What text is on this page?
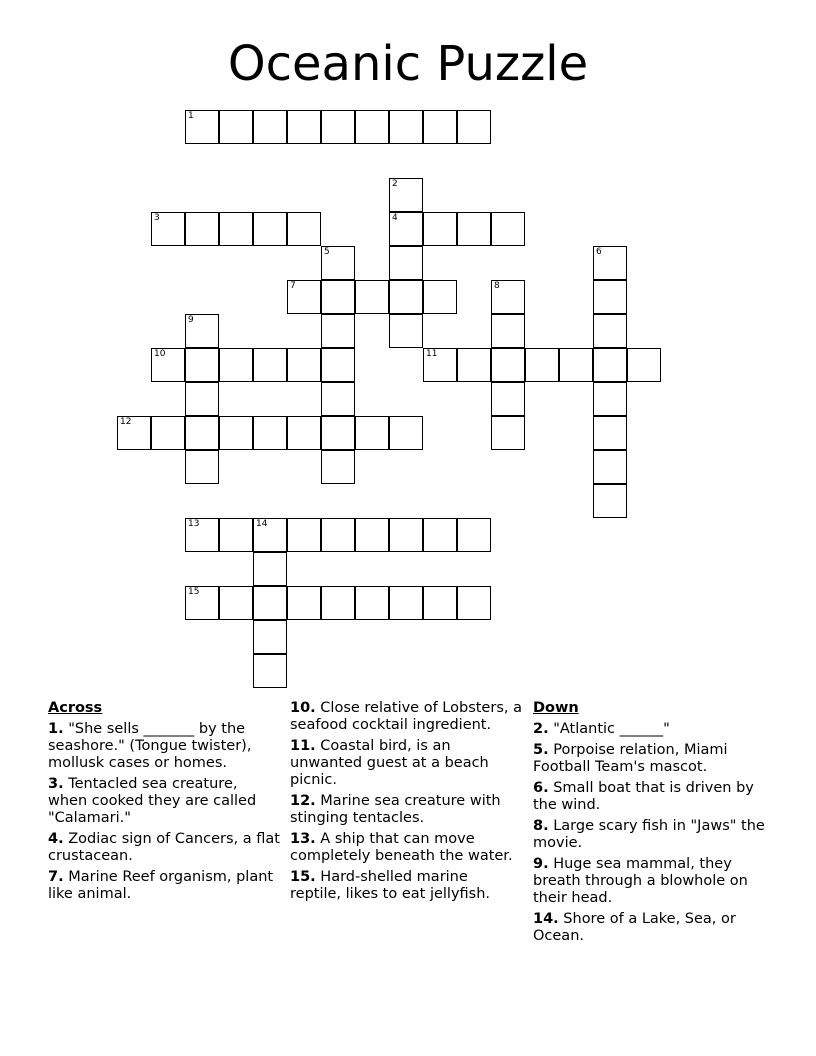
Oceanic Puzzle
1
2
4
3
5	6
7	8
9
10	11
12
13	14
15
Across
1. "She sells _______ by the seashore." (Tongue twister), mollusk cases or homes.
3. Tentacled sea creature, when cooked they are called "Calamari."
4. Zodiac sign of Cancers, a flat crustacean.
7. Marine Reef organism, plant like animal.
10. Close relative of Lobsters, a seafood cocktail ingredient.
11. Coastal bird, is an unwanted guest at a beach picnic.
12. Marine sea creature with stinging tentacles.
13. A ship that can move completely beneath the water.
15. Hard-shelled marine reptile, likes to eat jellyfish.
Down
2. "Atlantic ______"
5. Porpoise relation, Miami Football Team's mascot.
6. Small boat that is driven by the wind.
8. Large scary fish in "Jaws" the movie.
9. Huge sea mammal, they breath through a blowhole on their head.
14. Shore of a Lake, Sea, or Ocean.
